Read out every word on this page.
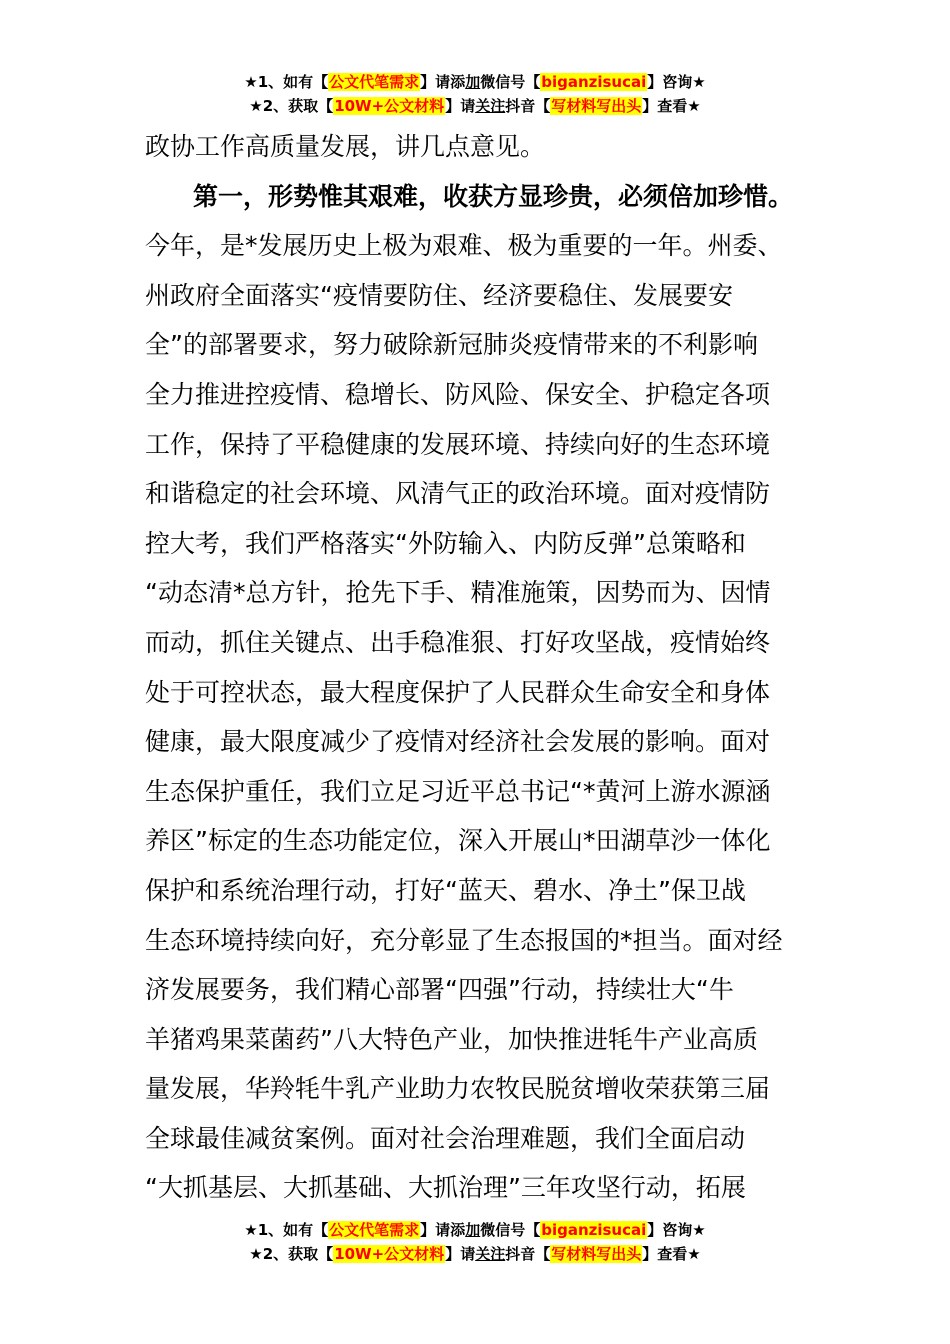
★1、如有【公文代笔需求】请添加微信号【biganzisucai】咨询★
★2、获取【10W+公文材料】请关注抖音【写材料写出头】查看★
政协工作高质量发展，讲几点意见。
第一，形势惟其艰难，收获方显珍贵，必须倍加珍惜。
今年，是*发展历史上极为艰难、极为重要的一年。州委、
州政府全面落实“疫情要防住、经济要稳住、发展要安
全”的部署要求，努力破除新冠肺炎疫情带来的不利影响
全力推进控疫情、稳增长、防风险、保安全、护稳定各项
工作，保持了平稳健康的发展环境、持续向好的生态环境
和谐稳定的社会环境、风清气正的政治环境。面对疫情防
控大考，我们严格落实“外防输入、内防反弹”总策略和
“动态清*总方针，抢先下手、精准施策，因势而为、因情
而动，抓住关键点、出手稳准狠、打好攻坚战，疫情始终
处于可控状态，最大程度保护了人民群众生命安全和身体
健康，最大限度减少了疫情对经济社会发展的影响。面对
生态保护重任，我们立足习近平总书记“*黄河上游水源涵
养区”标定的生态功能定位，深入开展山*田湖草沙一体化
保护和系统治理行动，打好“蓝天、碧水、净土”保卫战
生态环境持续向好，充分彰显了生态报国的*担当。面对经
济发展要务，我们精心部署“四强”行动，持续壮大“牛
羊猪鸡果菜菌药”八大特色产业，加快推进牦牛产业高质
量发展，华羚牦牛乳产业助力农牧民脱贫增收荣获第三届
全球最佳减贫案例。面对社会治理难题，我们全面启动
“大抓基层、大抓基础、大抓治理”三年攻坚行动，拓展
★1、如有【公文代笔需求】请添加微信号【biganzisucai】咨询★
★2、获取【10W+公文材料】请关注抖音【写材料写出头】查看★
